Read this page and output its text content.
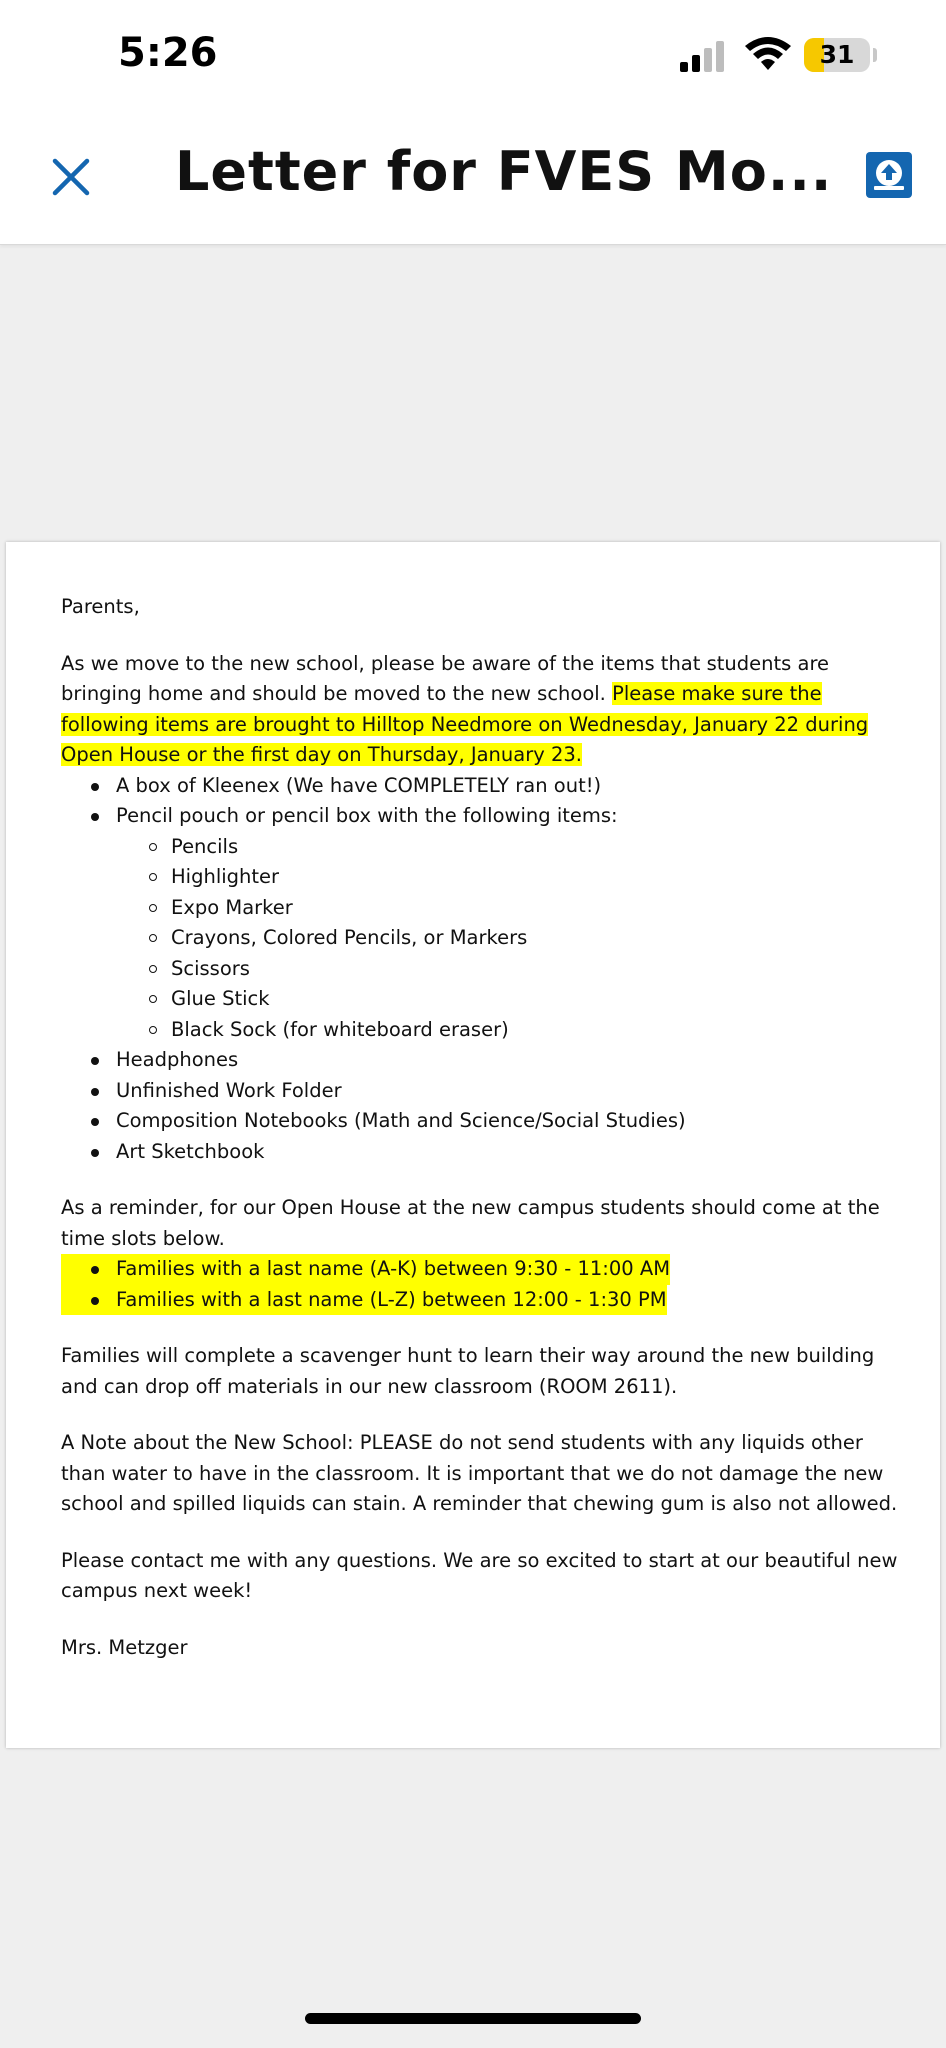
5:26	31
Letter for FVES Mo...

Parents,

As we move to the new school, please be aware of the items that students are bringing home and should be moved to the new school. Please make sure the following items are brought to Hilltop Needmore on Wednesday, January 22 during Open House or the first day on Thursday, January 23.

A box of Kleenex (We have COMPLETELY ran out!)
Pencil pouch or pencil box with the following items:
Pencils
Highlighter
Expo Marker
Crayons, Colored Pencils, or Markers
Scissors
Glue Stick
Black Sock (for whiteboard eraser)
Headphones
Unfinished Work Folder
Composition Notebooks (Math and Science/Social Studies)
Art Sketchbook

As a reminder, for our Open House at the new campus students should come at the time slots below.

Families with a last name (A-K) between 9:30 - 11:00 AM
Families with a last name (L-Z) between 12:00 - 1:30 PM

Families will complete a scavenger hunt to learn their way around the new building and can drop off materials in our new classroom (ROOM 2611).

A Note about the New School: PLEASE do not send students with any liquids other than water to have in the classroom. It is important that we do not damage the new school and spilled liquids can stain. A reminder that chewing gum is also not allowed.

Please contact me with any questions. We are so excited to start at our beautiful new campus next week!

Mrs. Metzger
